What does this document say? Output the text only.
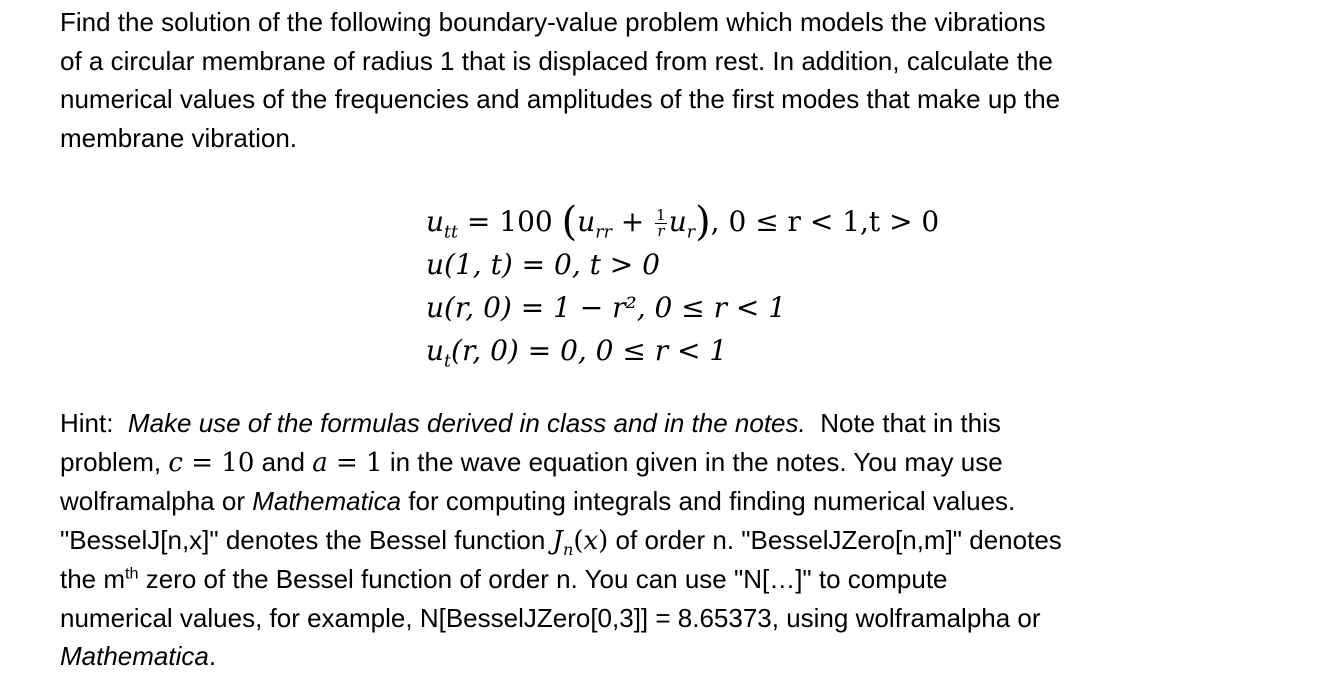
Find the solution of the following boundary-value problem which models the vibrations
of a circular membrane of radius 1 that is displaced from rest. In addition, calculate the
numerical values of the frequencies and amplitudes of the first modes that make up the
membrane vibration.

$u_{tt} = 100$ $(u_{rr} + \frac{1}{r} u_r)$, 0 ≤ r < 1,t > 0
u(1, t) = 0, t > 0
u(r, 0) = 1 − r², 0 ≤ r < 1
$u_t(r$, 0) = 0, 0 ≤ r < 1
Hint: Make use of the formulas derived in class and in the notes. Note that in this
problem, c = 10 and a = 1 in the wave equation given in the notes. You may use
wolframalpha or Mathematica for computing integrals and finding numerical values.
"BesselJ[n,x]" denotes the Bessel function $J_n(x)$ of order n. "BesselJZero[n,m]" denotes
the $m^{th}$ zero of the Bessel function of order n. You can use "N[…]" to compute
numerical values, for example, N[BesselJZero[0,3]] = 8.65373, using wolframalpha or
Mathematica.
